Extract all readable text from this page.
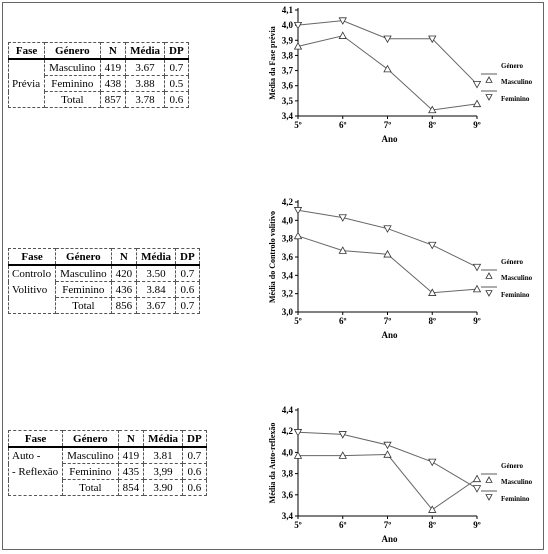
Fase	Género	N	Média	DP
Prévia	Masculino	419	3.67	0.7
	Feminino	438	3.88	0.5
	Total	857	3.78	0.6
Fase	Género	N	Média	DP
Controlo	Masculino	420	3.50	0.7
Volitivo	Feminino	436	3.84	0.6
	Total	856	3.67	0.7
Fase	Género	N	Média	DP
Auto -	Masculino	419	3.81	0.7
- Reflexão	Feminino	435	3,99	0.6
	Total	854	3.90	0.6
3,4
3,5
3,6
3,7
3,8
3,9
4,0
4,1
5º	6º	7º	8º	9º
Ano
Média da Fase prévia	Género
Masculino
Feminino
3,0
3,2
3,4
3,6
3,8
4,0
4,2
5º	6º	7º	8º	9º
Ano
Média do Controlo volitivo	Género
Masculino
Feminino
3,4
3,6
3,8
4,0
4,2
4,4
5º	6º	7º	8º	9º
Ano
Média da Auto-reflexão	Género
Masculino
Feminino
